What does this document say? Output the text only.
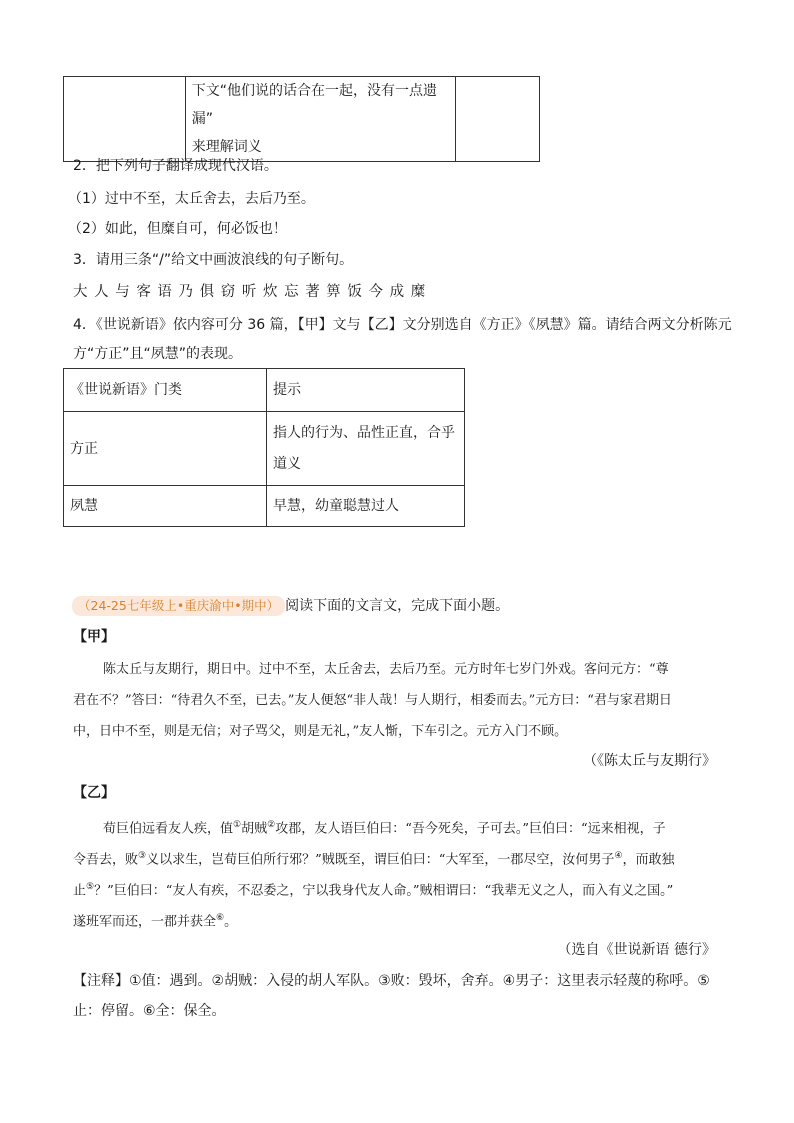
下文“他们说的话合在一起，没有一点遗漏”
来理解词义

2．把下列句子翻译成现代汉语。
（1）过中不至，太丘舍去，去后乃至。
（2）如此，但糜自可，何必饭也！
3．请用三条“/”给文中画波浪线的句子断句。
大 人 与 客 语 乃 俱 窃 听 炊 忘 著 箅 饭 今 成 糜
4．《世说新语》依内容可分 36 篇，【甲】文与【乙】文分别选自《方正》《夙慧》篇。请结合两文分析陈元
方“方正”且“夙慧”的表现。
《世说新语》门类	提示
方正	指人的行为、品性正直，合乎
道义

夙慧	早慧，幼童聪慧过人
（24-25七年级上•重庆渝中•期中） 阅读下面的文言文，完成下面小题。
【甲】
陈太丘与友期行，期日中。过中不至，太丘舍去，去后乃至。元方时年七岁门外戏。客问元方：“尊
君在不？”答曰：“待君久不至，已去。”友人便怒“非人哉！与人期行，相委而去。”元方曰：“君与家君期日
中，日中不至，则是无信；对子骂父，则是无礼，”友人惭，下车引之。元方入门不顾。
（《陈太丘与友期行》
【乙】
荀巨伯远看友人疾，值①胡贼②攻郡，友人语巨伯曰：“吾今死矣，子可去。”巨伯曰：“远来相视，子
令吾去，败③义以求生，岂荀巨伯所行邪？”贼既至，谓巨伯曰：“大军至，一郡尽空，汝何男子④，而敢独
止⑤？”巨伯曰：“友人有疾，不忍委之，宁以我身代友人命。”贼相谓曰：“我辈无义之人，而入有义之国。”
遂班军而还，一郡并获全⑥。
（选自《世说新语 德行》
【注释】①值：遇到。②胡贼：入侵的胡人军队。③败：毁坏，舍弃。④男子：这里表示轻蔑的称呼。⑤
止：停留。⑥全：保全。
